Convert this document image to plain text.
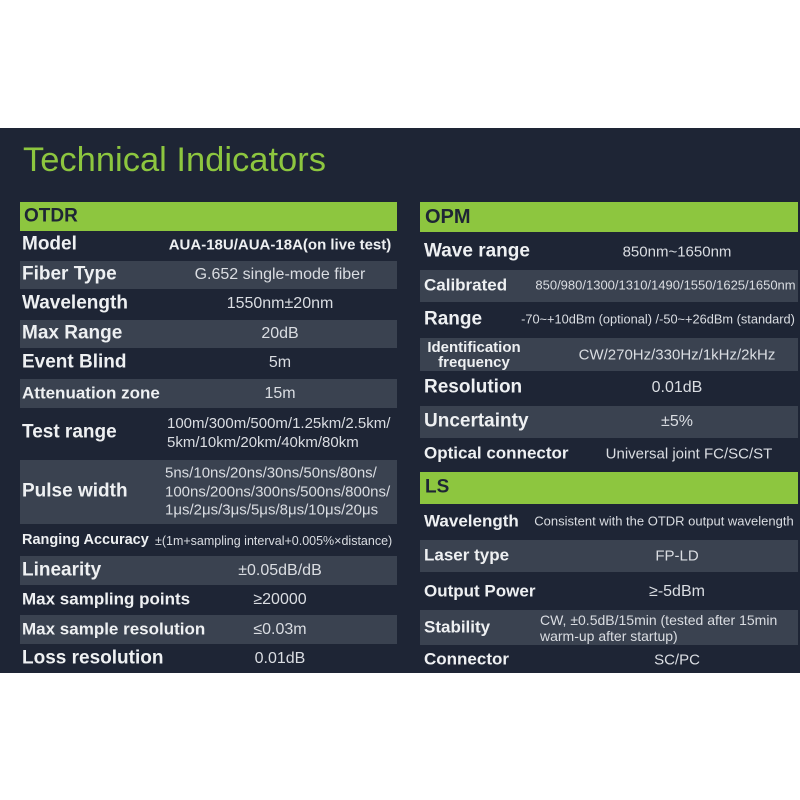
Technical Indicators
OTDR
Model	AUA-18U/AUA-18A(on live test)
Fiber Type	G.652 single-mode fiber
Wavelength	1550nm±20nm
Max Range	20dB
Event Blind	5m
Attenuation zone	15m
Test range	100m/300m/500m/1.25km/2.5km/
5km/10km/20km/40km/80km
Pulse width
5ns/10ns/20ns/30ns/50ns/80ns/
100ns/200ns/300ns/500ns/800ns/
1μs/2μs/3μs/5μs/8μs/10μs/20μs
Ranging Accuracy ±(1m+sampling interval+0.005%×distance)
Linearity	±0.05dB/dB
Max sampling points	≥20000
Max sample resolution	≤0.03m
Loss resolution	0.01dB
OPM
Wave range	850nm~1650nm
Calibrated 850/980/1300/1310/1490/1550/1625/1650nm
Range	-70~+10dBm (optional) /-50~+26dBm (standard)
Identification frequency	CW/270Hz/330Hz/1kHz/2kHz
Resolution	0.01dB
Uncertainty	±5%
Optical connector	Universal joint FC/SC/ST
LS
Wavelength	Consistent with the OTDR output wavelength
Laser type	FP-LD
Output Power	≥-5dBm
Stability	CW, ±0.5dB/15min (tested after 15min
warm-up after startup)
Connector	SC/PC
